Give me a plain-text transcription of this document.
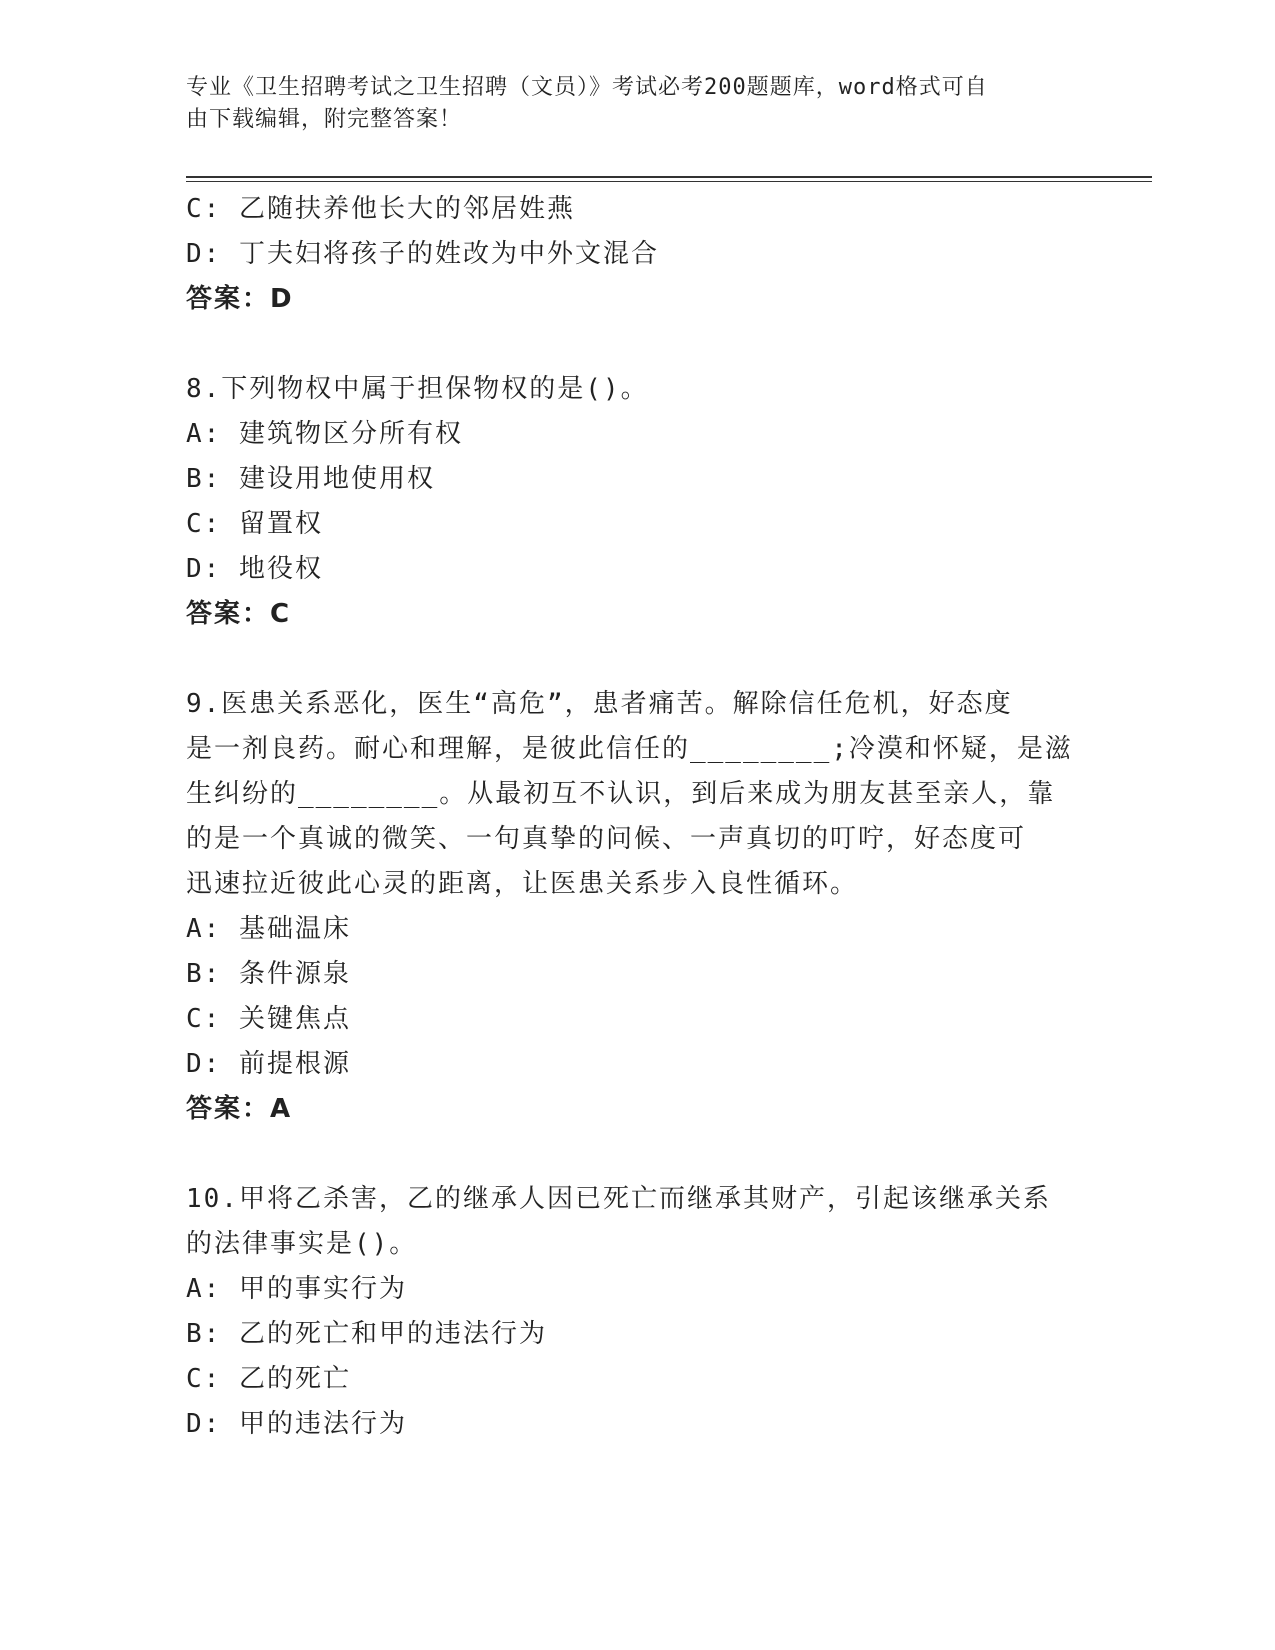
专业《卫生招聘考试之卫生招聘（文员）》考试必考200题题库，word格式可自
由下载编辑，附完整答案！
C: 乙随扶养他长大的邻居姓燕
D: 丁夫妇将孩子的姓改为中外文混合
答案：D
8.下列物权中属于担保物权的是()。
A: 建筑物区分所有权
B: 建设用地使用权
C: 留置权
D: 地役权
答案：C
9.医患关系恶化，医生“高危”，患者痛苦。解除信任危机，好态度
是一剂良药。耐心和理解，是彼此信任的________;冷漠和怀疑，是滋
生纠纷的________。从最初互不认识，到后来成为朋友甚至亲人，靠
的是一个真诚的微笑、一句真挚的问候、一声真切的叮咛，好态度可
迅速拉近彼此心灵的距离，让医患关系步入良性循环。
A: 基础温床
B: 条件源泉
C: 关键焦点
D: 前提根源
答案：A
10.甲将乙杀害，乙的继承人因已死亡而继承其财产，引起该继承关系
的法律事实是()。
A: 甲的事实行为
B: 乙的死亡和甲的违法行为
C: 乙的死亡
D: 甲的违法行为
